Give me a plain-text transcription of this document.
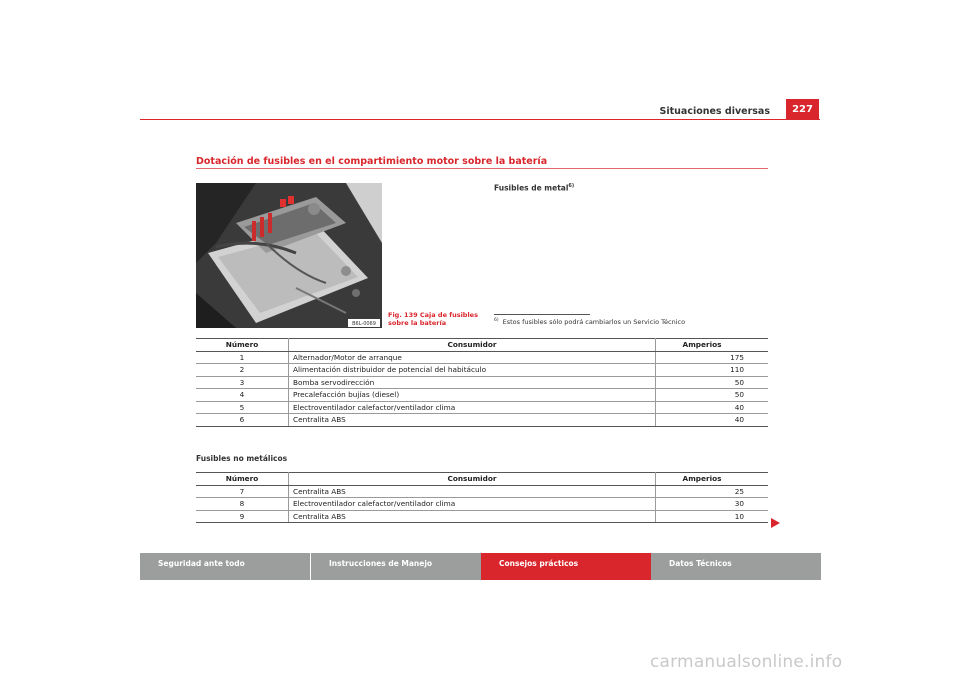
Situaciones diversas	227
Dotación de fusibles en el compartimiento motor sobre la batería
B6L-0069
Fig. 139 Caja de fusibles
sobre la batería
Fusibles de metal$^{6)}$
$^{6)}$ Estos fusibles sólo podrá cambiarlos un Servicio Técnico
Número	Consumidor	Amperios
1	Alternador/Motor de arranque	175
2	Alimentación distribuidor de potencial del habitáculo	110
3	Bomba servodirección	50
4	Precalefacción bujías (diesel)	50
5	Electroventilador calefactor/ventilador clima	40
6	Centralita ABS	40
Fusibles no metálicos
Número	Consumidor	Amperios
7	Centralita ABS	25
8	Electroventilador calefactor/ventilador clima	30
9	Centralita ABS	10
Seguridad ante todo	Instrucciones de Manejo	Consejos prácticos	Datos Técnicos
carmanualsonline.info
